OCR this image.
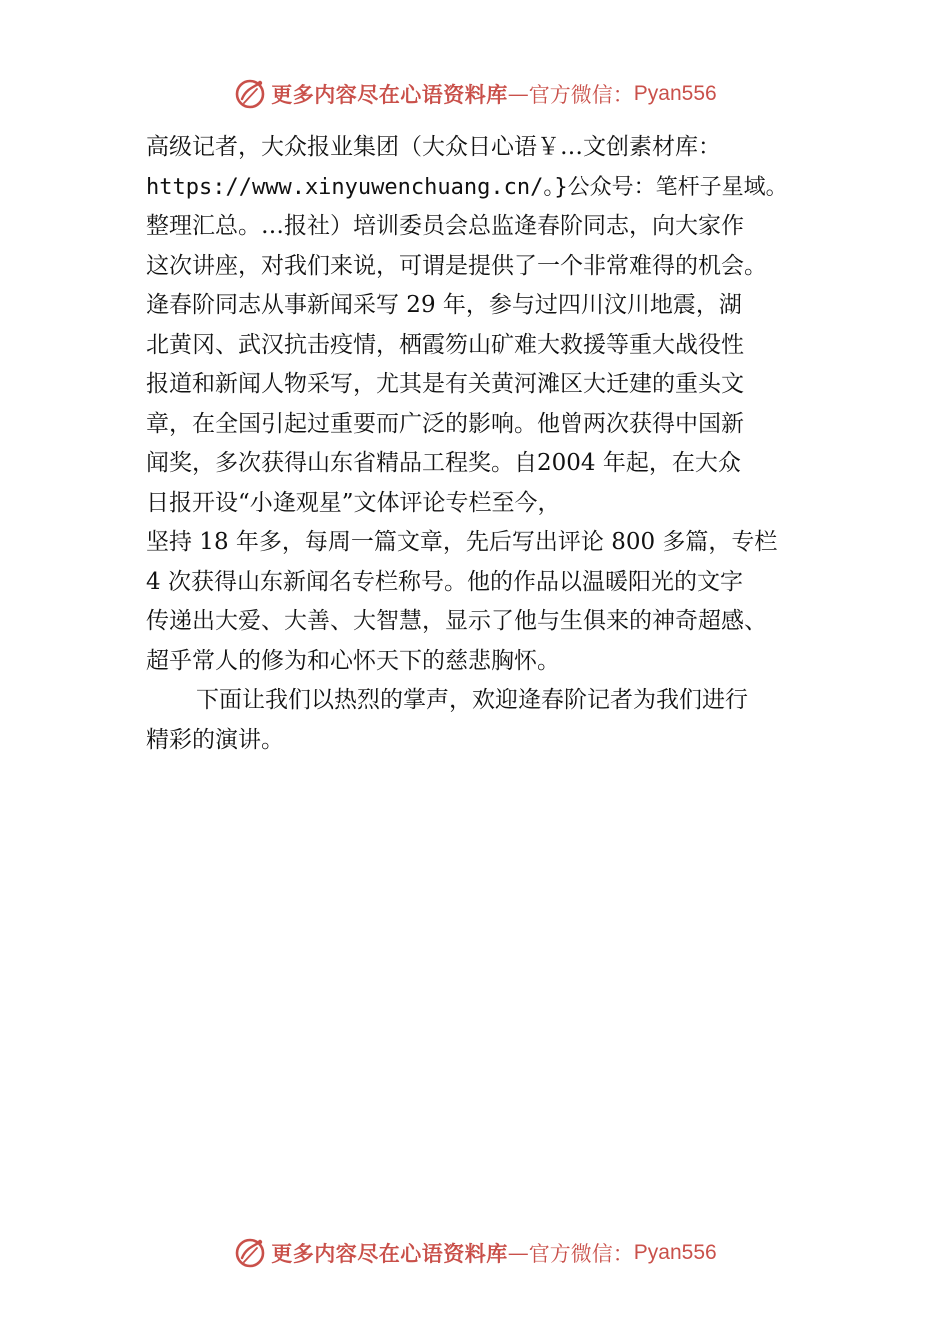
更多内容尽在心语资料库 — 官方微信： Pyan556
高级记者，大众报业集团（大众日心语￥…文创素材库：
https://www.xinyuwenchuang.cn/。}公众号：笔杆子星域。
整理汇总。…报社）培训委员会总监逄春阶同志，向大家作
这次讲座，对我们来说，可谓是提供了一个非常难得的机会。
逄春阶同志从事新闻采写 29 年，参与过四川汶川地震，湖
北黄冈、武汉抗击疫情，栖霞笏山矿难大救援等重大战役性
报道和新闻人物采写，尤其是有关黄河滩区大迁建的重头文
章，在全国引起过重要而广泛的影响。他曾两次获得中国新
闻奖，多次获得山东省精品工程奖。自2004 年起，在大众
日报开设“小逄观星”文体评论专栏至今，
坚持 18 年多，每周一篇文章，先后写出评论 800 多篇，专栏
4 次获得山东新闻名专栏称号。他的作品以温暖阳光的文字
传递出大爱、大善、大智慧，显示了他与生俱来的神奇超感、
超乎常人的修为和心怀天下的慈悲胸怀。
下面让我们以热烈的掌声，欢迎逄春阶记者为我们进行
精彩的演讲。
更多内容尽在心语资料库 — 官方微信： Pyan556
